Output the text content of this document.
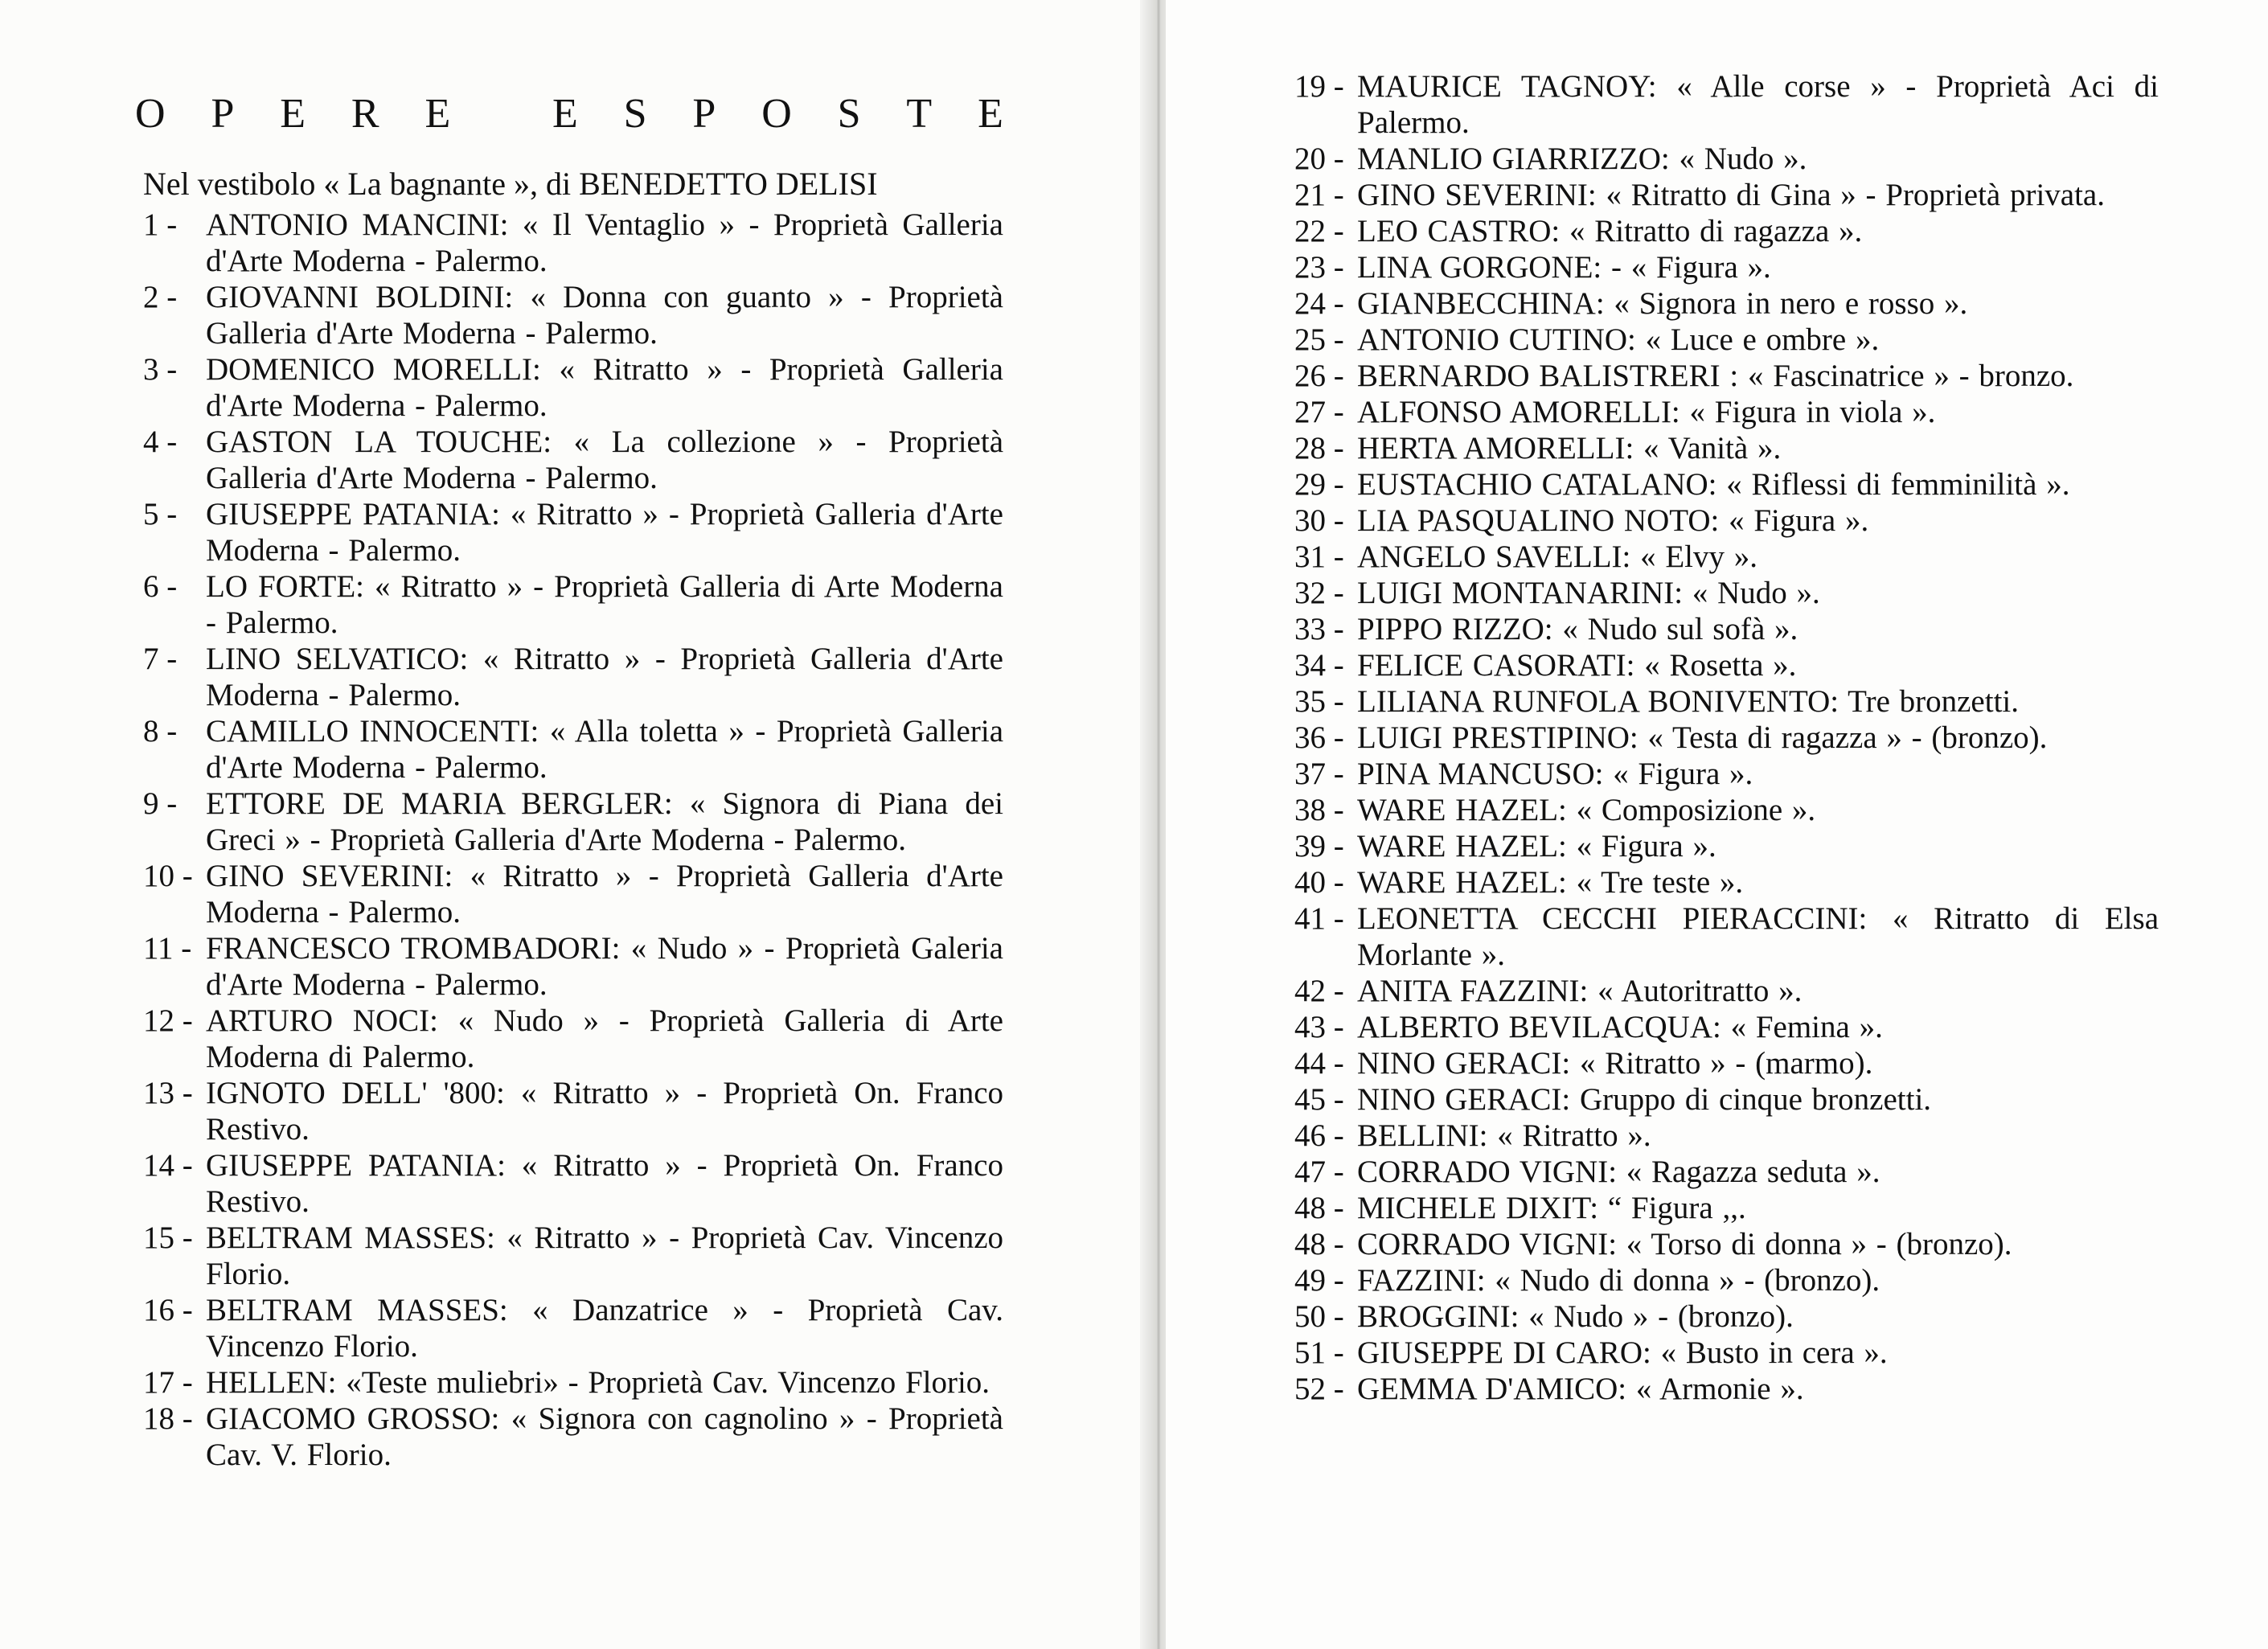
O P E R E
E S P O S T E
Nel vestibolo « La bagnante », di BENEDETTO DELISI
1 - ANTONIO MANCINI: « Il Ventaglio » - Proprietà Galleria d'Arte Moderna - Palermo.
2 - GIOVANNI BOLDINI: « Donna con guanto » - Proprietà Galleria d'Arte Moderna - Palermo.
3 - DOMENICO MORELLI: « Ritratto » - Proprietà Galleria d'Arte Moderna - Palermo.
4 - GASTON LA TOUCHE: « La collezione » - Proprietà Galleria d'Arte Moderna - Palermo.
5 - GIUSEPPE PATANIA: « Ritratto » - Proprietà Galleria d'Arte Moderna - Palermo.
6 - LO FORTE: « Ritratto » - Proprietà Galleria di Arte Moderna - Palermo.
7 - LINO SELVATICO: « Ritratto » - Proprietà Galleria d'Arte Moderna - Palermo.
8 - CAMILLO INNOCENTI: « Alla toletta » - Proprietà Galleria d'Arte Moderna - Palermo.
9 - ETTORE DE MARIA BERGLER: « Signora di Piana dei Greci » - Proprietà Galleria d'Arte Moderna - Palermo.
10 - GINO SEVERINI: « Ritratto » - Proprietà Galleria d'Arte Moderna - Palermo.
11 - FRANCESCO TROMBADORI: « Nudo » - Proprietà Galeria d'Arte Moderna - Palermo.
12 - ARTURO NOCI: « Nudo » - Proprietà Galleria di Arte Moderna di Palermo.
13 - IGNOTO DELL' '800: « Ritratto » - Proprietà On. Franco Restivo.
14 - GIUSEPPE PATANIA: « Ritratto » - Proprietà On. Franco Restivo.
15 - BELTRAM MASSES: « Ritratto » - Proprietà Cav. Vincenzo Florio.
16 - BELTRAM MASSES: « Danzatrice » - Proprietà Cav. Vincenzo Florio.
17 - HELLEN: «Teste muliebri» - Proprietà Cav. Vincenzo Florio.
18 - GIACOMO GROSSO: « Signora con cagnolino » - Proprietà Cav. V. Florio.
19 - MAURICE TAGNOY: « Alle corse » - Proprietà Aci di Palermo.
20 - MANLIO GIARRIZZO: « Nudo ».
21 - GINO SEVERINI: « Ritratto di Gina » - Proprietà privata.
22 - LEO CASTRO: « Ritratto di ragazza ».
23 - LINA GORGONE: - « Figura ».
24 - GIANBECCHINA: « Signora in nero e rosso ».
25 - ANTONIO CUTINO: « Luce e ombre ».
26 - BERNARDO BALISTRERI : « Fascinatrice » - bronzo.
27 - ALFONSO AMORELLI: « Figura in viola ».
28 - HERTA AMORELLI: « Vanità ».
29 - EUSTACHIO CATALANO: « Riflessi di femminilità ».
30 - LIA PASQUALINO NOTO: « Figura ».
31 - ANGELO SAVELLI: « Elvy ».
32 - LUIGI MONTANARINI: « Nudo ».
33 - PIPPO RIZZO: « Nudo sul sofà ».
34 - FELICE CASORATI: « Rosetta ».
35 - LILIANA RUNFOLA BONIVENTO: Tre bronzetti.
36 - LUIGI PRESTIPINO: « Testa di ragazza » - (bronzo).
37 - PINA MANCUSO: « Figura ».
38 - WARE HAZEL: « Composizione ».
39 - WARE HAZEL: « Figura ».
40 - WARE HAZEL: « Tre teste ».
41 - LEONETTA CECCHI PIERACCINI: « Ritratto di Elsa Morlante ».
42 - ANITA FAZZINI: « Autoritratto ».
43 - ALBERTO BEVILACQUA: « Femina ».
44 - NINO GERACI: « Ritratto » - (marmo).
45 - NINO GERACI: Gruppo di cinque bronzetti.
46 - BELLINI: « Ritratto ».
47 - CORRADO VIGNI: « Ragazza seduta ».
48 - MICHELE DIXIT: “ Figura ,,.
48 - CORRADO VIGNI: « Torso di donna » - (bronzo).
49 - FAZZINI: « Nudo di donna » - (bronzo).
50 - BROGGINI: « Nudo » - (bronzo).
51 - GIUSEPPE DI CARO: « Busto in cera ».
52 - GEMMA D'AMICO: « Armonie ».
